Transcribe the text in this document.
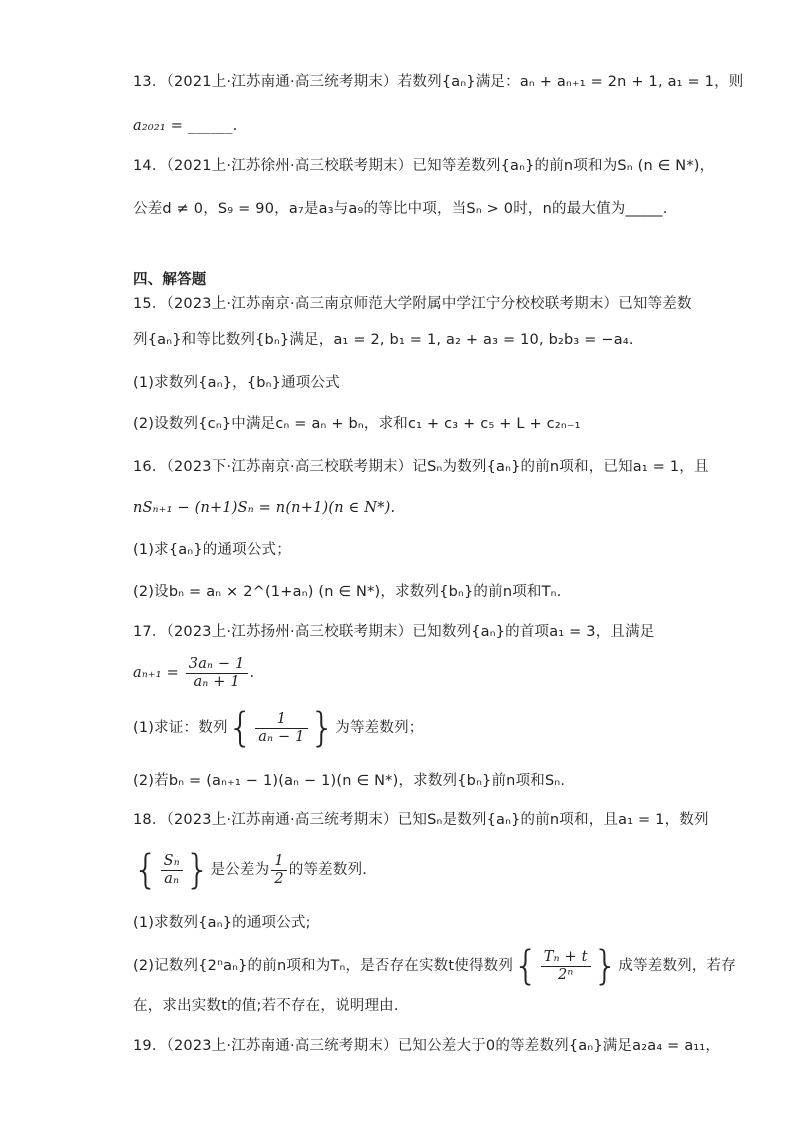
13．（2021上·江苏南通·高三统考期末）若数列{aₙ}满足：aₙ + aₙ₊₁ = 2n + 1, a₁ = 1，则
a₂₀₂₁ = ______.
14．（2021上·江苏徐州·高三校联考期末）已知等差数列{aₙ}的前n项和为Sₙ (n ∈ N*)，
公差d ≠ 0，S₉ = 90，a₇是a₃与a₉的等比中项，当Sₙ > 0时，n的最大值为_____.
四、解答题
15．（2023上·江苏南京·高三南京师范大学附属中学江宁分校校联考期末）已知等差数
列{aₙ}和等比数列{bₙ}满足，a₁ = 2, b₁ = 1, a₂ + a₃ = 10, b₂b₃ = −a₄.
(1)求数列{aₙ}，{bₙ}通项公式
(2)设数列{cₙ}中满足cₙ = aₙ + bₙ，求和c₁ + c₃ + c₅ + L + c₂ₙ₋₁
16．（2023下·江苏南京·高三校联考期末）记Sₙ为数列{aₙ}的前n项和，已知a₁ = 1，且
nSₙ₊₁ − (n+1)Sₙ = n(n+1)(n ∈ N*).
(1)求{aₙ}的通项公式；
(2)设bₙ = aₙ × 2^(1+aₙ) (n ∈ N*)，求数列{bₙ}的前n项和Tₙ.
17．（2023上·江苏扬州·高三校联考期末）已知数列{aₙ}的首项a₁ = 3，且满足
$a_{n+1} = \frac{\text{3aₙ − 1}}{\text{aₙ + 1}}$ .
(1)求证：数列{ $\frac{1}{\text{aₙ − 1}}$ }为等差数列；
(2)若bₙ = (aₙ₊₁ − 1)(aₙ − 1)(n ∈ N*)，求数列{bₙ}前n项和Sₙ.
18．（2023上·江苏南通·高三统考期末）已知Sₙ是数列{aₙ}的前n项和，且a₁ = 1，数列
{ $\frac{\text{Sₙ}}{\text{aₙ}}$ }是公差为 $\frac{1}{2}$ 的等差数列.
(1)求数列{aₙ}的通项公式;
(2)记数列{2ⁿaₙ}的前n项和为Tₙ，是否存在实数t使得数列{ $\frac{\text{Tₙ + t}}{\text{2ⁿ}}$ }成等差数列，若存
在，求出实数t的值;若不存在，说明理由.
19．（2023上·江苏南通·高三统考期末）已知公差大于0的等差数列{aₙ}满足a₂a₄ = a₁₁，
